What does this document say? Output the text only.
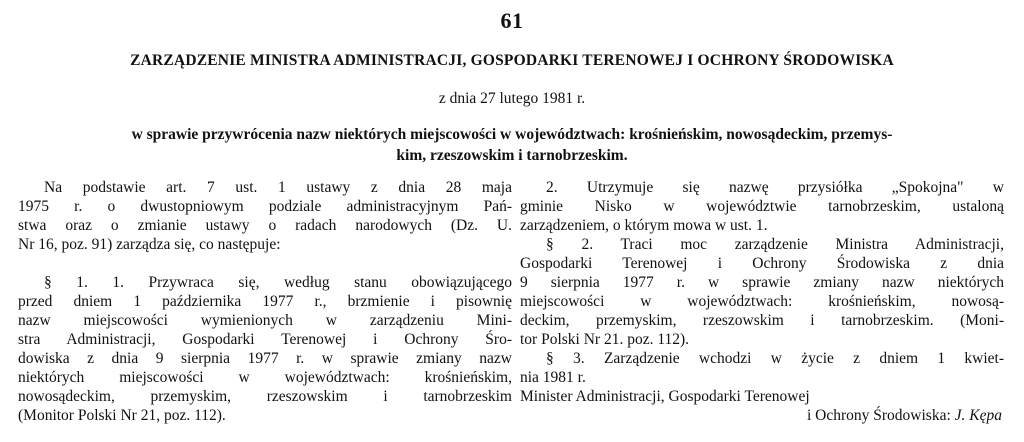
61
ZARZĄDZENIE MINISTRA ADMINISTRACJI, GOSPODARKI TERENOWEJ I OCHRONY ŚRODOWISKA
z dnia 27 lutego 1981 r.
w sprawie przywrócenia nazw niektórych miejscowości w województwach: krośnieńskim, nowosądeckim, przemys-
kim, rzeszowskim i tarnobrzeskim.
Na podstawie art. 7 ust. 1 ustawy z dnia 28 maja
1975 r. o dwustopniowym podziale administracyjnym Pań-
stwa oraz o zmianie ustawy o radach narodowych (Dz. U.
Nr 16, poz. 91) zarządza się, co następuje:
§ 1. 1. Przywraca się, według stanu obowiązującego
przed dniem 1 października 1977 r., brzmienie i pisownię
nazw miejscowości wymienionych w zarządzeniu Mini-
stra Administracji, Gospodarki Terenowej i Ochrony Śro-
dowiska z dnia 9 sierpnia 1977 r. w sprawie zmiany nazw
niektórych miejscowości w województwach: krośnieńskim,
nowosądeckim, przemyskim, rzeszowskim i tarnobrzeskim
(Monitor Polski Nr 21, poz. 112).
2. Utrzymuje się nazwę przysiółka „Spokojna" w
gminie Nisko w województwie tarnobrzeskim, ustaloną
zarządzeniem, o którym mowa w ust. 1.
§ 2. Traci moc zarządzenie Ministra Administracji,
Gospodarki Terenowej i Ochrony Środowiska z dnia
9 sierpnia 1977 r. w sprawie zmiany nazw niektórych
miejscowości w województwach: krośnieńskim, nowosą-
deckim, przemyskim, rzeszowskim i tarnobrzeskim. (Moni-
tor Polski Nr 21. poz. 112).
§ 3. Zarządzenie wchodzi w życie z dniem 1 kwiet-
nia 1981 r.
Minister Administracji, Gospodarki Terenowej
i Ochrony Środowiska: J. Kępa
